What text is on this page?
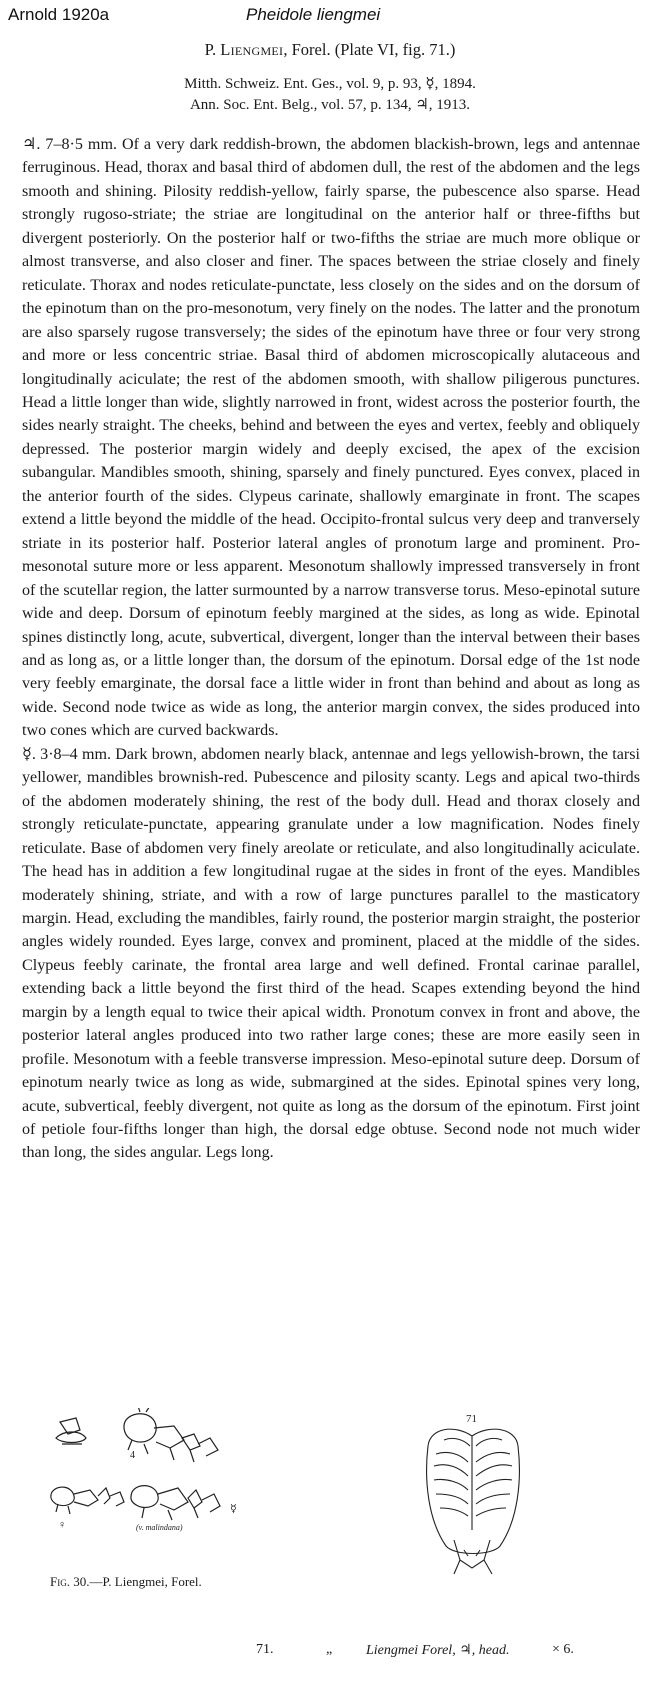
Arnold 1920a	Pheidole liengmei
P. Liengmei, Forel. (Plate VI, fig. 71.)
Mitth. Schweiz. Ent. Ges., vol. 9, p. 93, ☿, 1894.
Ann. Soc. Ent. Belg., vol. 57, p. 134, ♃, 1913.

♃. 7–8·5 mm. Of a very dark reddish-brown, the abdomen blackish-brown, legs and antennae ferruginous. Head, thorax and basal third of abdomen dull, the rest of the abdomen and the legs smooth and shining. Pilosity reddish-yellow, fairly sparse, the pubescence also sparse. Head strongly rugoso-striate; the striae are longitudinal on the anterior half or three-fifths but divergent posteriorly. On the posterior half or two-fifths the striae are much more oblique or almost transverse, and also closer and finer. The spaces between the striae closely and finely reticulate. Thorax and nodes reticulate-punctate, less closely on the sides and on the dorsum of the epinotum than on the pro-mesonotum, very finely on the nodes. The latter and the pronotum are also sparsely rugose transversely; the sides of the epinotum have three or four very strong and more or less concentric striae. Basal third of abdomen microscopically alutaceous and longitudinally aciculate; the rest of the abdomen smooth, with shallow piligerous punctures. Head a little longer than wide, slightly narrowed in front, widest across the posterior fourth, the sides nearly straight. The cheeks, behind and between the eyes and vertex, feebly and obliquely depressed. The posterior margin widely and deeply excised, the apex of the excision subangular. Mandibles smooth, shining, sparsely and finely punctured. Eyes convex, placed in the anterior fourth of the sides. Clypeus carinate, shallowly emarginate in front. The scapes extend a little beyond the middle of the head. Occipito-frontal sulcus very deep and tranversely striate in its posterior half. Posterior lateral angles of pronotum large and prominent. Pro-mesonotal suture more or less apparent. Mesonotum shallowly impressed transversely in front of the scutellar region, the latter surmounted by a narrow transverse torus. Meso-epinotal suture wide and deep. Dorsum of epinotum feebly margined at the sides, as long as wide. Epinotal spines distinctly long, acute, subvertical, divergent, longer than the interval between their bases and as long as, or a little longer than, the dorsum of the epinotum. Dorsal edge of the 1st node very feebly emarginate, the dorsal face a little wider in front than behind and about as long as wide. Second node twice as wide as long, the anterior margin convex, the sides produced into two cones which are curved backwards.

☿. 3·8–4 mm. Dark brown, abdomen nearly black, antennae and legs yellowish-brown, the tarsi yellower, mandibles brownish-red. Pubescence and pilosity scanty. Legs and apical two-thirds of the abdomen moderately shining, the rest of the body dull. Head and thorax closely and strongly reticulate-punctate, appearing granulate under a low magnification. Nodes finely reticulate. Base of abdomen very finely areolate or reticulate, and also longitudinally aciculate. The head has in addition a few longitudinal rugae at the sides in front of the eyes. Mandibles moderately shining, striate, and with a row of large punctures parallel to the masticatory margin. Head, excluding the mandibles, fairly round, the posterior margin straight, the posterior angles widely rounded. Eyes large, convex and prominent, placed at the middle of the sides. Clypeus feebly carinate, the frontal area large and well defined. Frontal carinae parallel, extending back a little beyond the first third of the head. Scapes extending beyond the hind margin by a length equal to twice their apical width. Pronotum convex in front and above, the posterior lateral angles produced into two rather large cones; these are more easily seen in profile. Mesonotum with a feeble transverse impression. Meso-epinotal suture deep. Dorsum of epinotum nearly twice as long as wide, submargined at the sides. Epinotal spines very long, acute, subvertical, feebly divergent, not quite as long as the dorsum of the epinotum. First joint of petiole four-fifths longer than high, the dorsal edge obtuse. Second node not much wider than long, the sides angular. Legs long.

4
♀	(v. malindana)
☿
Fig. 30.—P. Liengmei, Forel.
71
71.	„ Liengmei Forel, ♃, head.	× 6.
